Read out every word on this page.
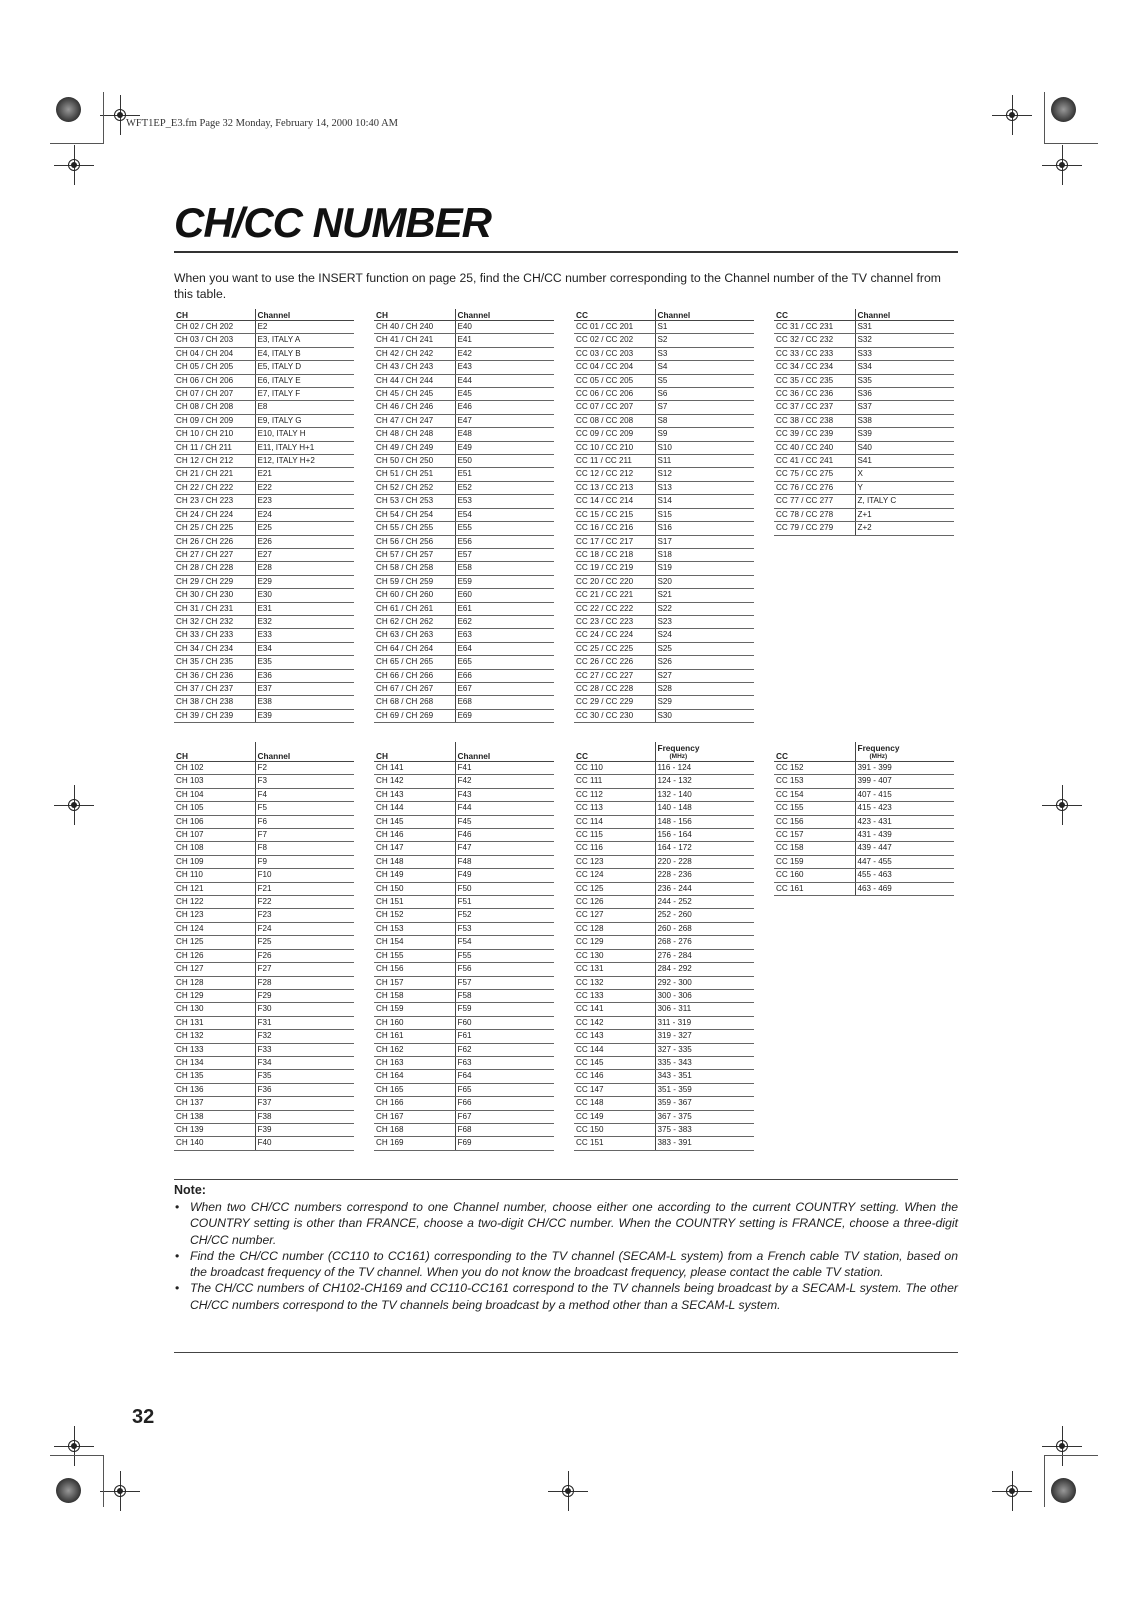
WFT1EP_E3.fm Page 32 Monday, February 14, 2000 10:40 AM
CH/CC NUMBER

When you want to use the INSERT function on page 25, find the CH/CC number corresponding to the Channel number of the TV channel from this table.

CH	Channel
CH 02 / CH 202	E2
CH 03 / CH 203	E3, ITALY A
CH 04 / CH 204	E4, ITALY B
CH 05 / CH 205	E5, ITALY D
CH 06 / CH 206	E6, ITALY E
CH 07 / CH 207	E7, ITALY F
CH 08 / CH 208	E8
CH 09 / CH 209	E9, ITALY G
CH 10 / CH 210	E10, ITALY H
CH 11 / CH 211	E11, ITALY H+1
CH 12 / CH 212	E12, ITALY H+2
CH 21 / CH 221	E21
CH 22 / CH 222	E22
CH 23 / CH 223	E23
CH 24 / CH 224	E24
CH 25 / CH 225	E25
CH 26 / CH 226	E26
CH 27 / CH 227	E27
CH 28 / CH 228	E28
CH 29 / CH 229	E29
CH 30 / CH 230	E30
CH 31 / CH 231	E31
CH 32 / CH 232	E32
CH 33 / CH 233	E33
CH 34 / CH 234	E34
CH 35 / CH 235	E35
CH 36 / CH 236	E36
CH 37 / CH 237	E37
CH 38 / CH 238	E38
CH 39 / CH 239	E39
CH	Channel
CH 40 / CH 240	E40
CH 41 / CH 241	E41
CH 42 / CH 242	E42
CH 43 / CH 243	E43
CH 44 / CH 244	E44
CH 45 / CH 245	E45
CH 46 / CH 246	E46
CH 47 / CH 247	E47
CH 48 / CH 248	E48
CH 49 / CH 249	E49
CH 50 / CH 250	E50
CH 51 / CH 251	E51
CH 52 / CH 252	E52
CH 53 / CH 253	E53
CH 54 / CH 254	E54
CH 55 / CH 255	E55
CH 56 / CH 256	E56
CH 57 / CH 257	E57
CH 58 / CH 258	E58
CH 59 / CH 259	E59
CH 60 / CH 260	E60
CH 61 / CH 261	E61
CH 62 / CH 262	E62
CH 63 / CH 263	E63
CH 64 / CH 264	E64
CH 65 / CH 265	E65
CH 66 / CH 266	E66
CH 67 / CH 267	E67
CH 68 / CH 268	E68
CH 69 / CH 269	E69
CC	Channel
CC 01 / CC 201	S1
CC 02 / CC 202	S2
CC 03 / CC 203	S3
CC 04 / CC 204	S4
CC 05 / CC 205	S5
CC 06 / CC 206	S6
CC 07 / CC 207	S7
CC 08 / CC 208	S8
CC 09 / CC 209	S9
CC 10 / CC 210	S10
CC 11 / CC 211	S11
CC 12 / CC 212	S12
CC 13 / CC 213	S13
CC 14 / CC 214	S14
CC 15 / CC 215	S15
CC 16 / CC 216	S16
CC 17 / CC 217	S17
CC 18 / CC 218	S18
CC 19 / CC 219	S19
CC 20 / CC 220	S20
CC 21 / CC 221	S21
CC 22 / CC 222	S22
CC 23 / CC 223	S23
CC 24 / CC 224	S24
CC 25 / CC 225	S25
CC 26 / CC 226	S26
CC 27 / CC 227	S27
CC 28 / CC 228	S28
CC 29 / CC 229	S29
CC 30 / CC 230	S30
CC	Channel
CC 31 / CC 231	S31
CC 32 / CC 232	S32
CC 33 / CC 233	S33
CC 34 / CC 234	S34
CC 35 / CC 235	S35
CC 36 / CC 236	S36
CC 37 / CC 237	S37
CC 38 / CC 238	S38
CC 39 / CC 239	S39
CC 40 / CC 240	S40
CC 41 / CC 241	S41
CC 75 / CC 275	X
CC 76 / CC 276	Y
CC 77 / CC 277	Z, ITALY C
CC 78 / CC 278	Z+1
CC 79 / CC 279	Z+2
CH	Channel
CH 102	F2
CH 103	F3
CH 104	F4
CH 105	F5
CH 106	F6
CH 107	F7
CH 108	F8
CH 109	F9
CH 110	F10
CH 121	F21
CH 122	F22
CH 123	F23
CH 124	F24
CH 125	F25
CH 126	F26
CH 127	F27
CH 128	F28
CH 129	F29
CH 130	F30
CH 131	F31
CH 132	F32
CH 133	F33
CH 134	F34
CH 135	F35
CH 136	F36
CH 137	F37
CH 138	F38
CH 139	F39
CH 140	F40
CH	Channel
CH 141	F41
CH 142	F42
CH 143	F43
CH 144	F44
CH 145	F45
CH 146	F46
CH 147	F47
CH 148	F48
CH 149	F49
CH 150	F50
CH 151	F51
CH 152	F52
CH 153	F53
CH 154	F54
CH 155	F55
CH 156	F56
CH 157	F57
CH 158	F58
CH 159	F59
CH 160	F60
CH 161	F61
CH 162	F62
CH 163	F63
CH 164	F64
CH 165	F65
CH 166	F66
CH 167	F67
CH 168	F68
CH 169	F69
CC	Frequency
(MHz)

CC 110	116 - 124
CC 111	124 - 132
CC 112	132 - 140
CC 113	140 - 148
CC 114	148 - 156
CC 115	156 - 164
CC 116	164 - 172
CC 123	220 - 228
CC 124	228 - 236
CC 125	236 - 244
CC 126	244 - 252
CC 127	252 - 260
CC 128	260 - 268
CC 129	268 - 276
CC 130	276 - 284
CC 131	284 - 292
CC 132	292 - 300
CC 133	300 - 306
CC 141	306 - 311
CC 142	311 - 319
CC 143	319 - 327
CC 144	327 - 335
CC 145	335 - 343
CC 146	343 - 351
CC 147	351 - 359
CC 148	359 - 367
CC 149	367 - 375
CC 150	375 - 383
CC 151	383 - 391
CC	Frequency
(MHz)

CC 152	391 - 399
CC 153	399 - 407
CC 154	407 - 415
CC 155	415 - 423
CC 156	423 - 431
CC 157	431 - 439
CC 158	439 - 447
CC 159	447 - 455
CC 160	455 - 463
CC 161	463 - 469

Note:

• When two CH/CC numbers correspond to one Channel number, choose either one according to the current COUNTRY setting. When the COUNTRY setting is other than FRANCE, choose a two-digit CH/CC number. When the COUNTRY setting is FRANCE, choose a three-digit CH/CC number.
• Find the CH/CC number (CC110 to CC161) corresponding to the TV channel (SECAM-L system) from a French cable TV station, based on the broadcast frequency of the TV channel. When you do not know the broadcast frequency, please contact the cable TV station.
• The CH/CC numbers of CH102-CH169 and CC110-CC161 correspond to the TV channels being broadcast by a SECAM-L system. The other CH/CC numbers correspond to the TV channels being broadcast by a method other than a SECAM-L system.

32
